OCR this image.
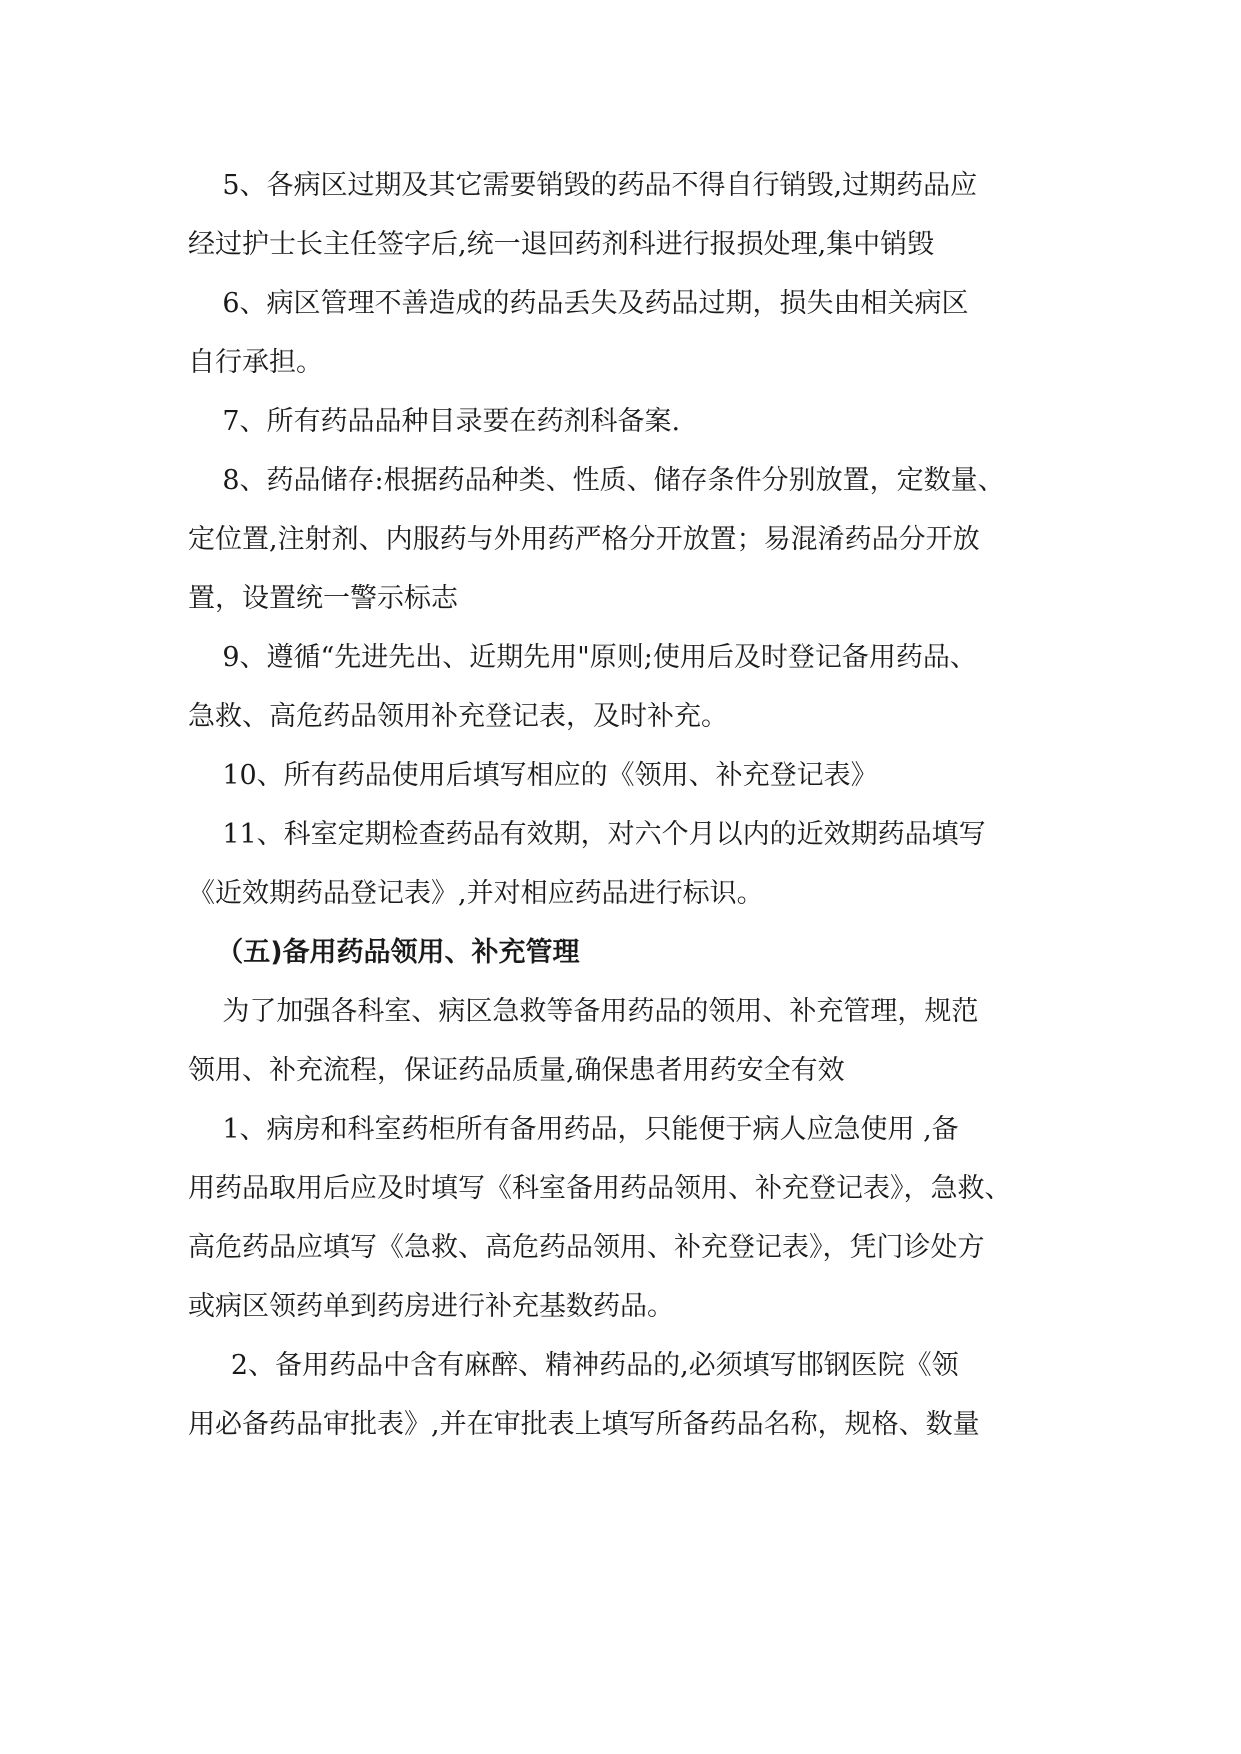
5、各病区过期及其它需要销毁的药品不得自行销毁,过期药品应
经过护士长主任签字后,统一退回药剂科进行报损处理,集中销毁
6、病区管理不善造成的药品丢失及药品过期，损失由相关病区
自行承担。
7、所有药品品种目录要在药剂科备案.
8、药品储存:根据药品种类、性质、储存条件分别放置，定数量、
定位置,注射剂、内服药与外用药严格分开放置；易混淆药品分开放
置，设置统一警示标志
9、遵循“先进先出、近期先用"原则;使用后及时登记备用药品、
急救、高危药品领用补充登记表，及时补充。
10、所有药品使用后填写相应的《领用、补充登记表》
11、科室定期检查药品有效期，对六个月以内的近效期药品填写
《近效期药品登记表》,并对相应药品进行标识。
（五)备用药品领用、补充管理
为了加强各科室、病区急救等备用药品的领用、补充管理，规范
领用、补充流程，保证药品质量,确保患者用药安全有效
1、病房和科室药柜所有备用药品，只能便于病人应急使用 ,备
用药品取用后应及时填写《科室备用药品领用、补充登记表》，急救、
高危药品应填写《急救、高危药品领用、补充登记表》，凭门诊处方
或病区领药单到药房进行补充基数药品。
2、备用药品中含有麻醉、精神药品的,必须填写邯钢医院《领
用必备药品审批表》,并在审批表上填写所备药品名称，规格、数量
